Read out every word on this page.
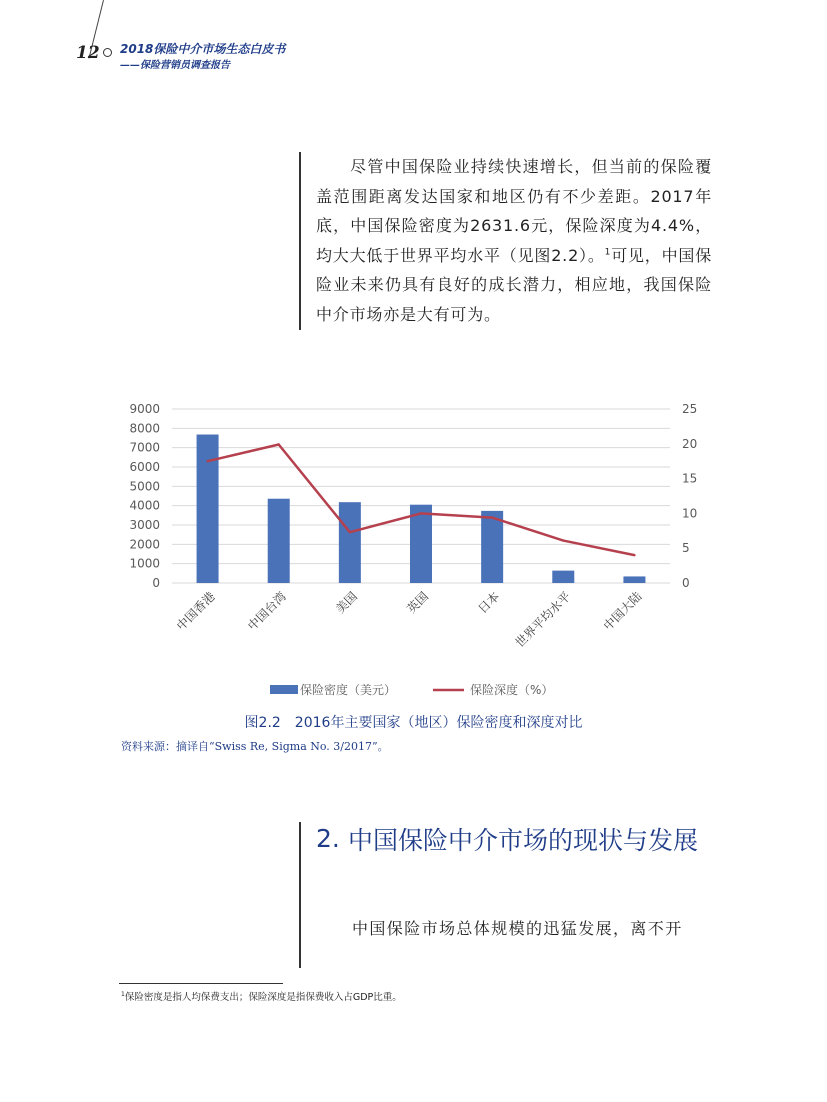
12 2018保险中介市场生态白皮书
——保险营销员调查报告
  尽管中国保险业持续快速增长，但当前的保险覆盖范围距离发达国家和地区仍有不少差距。2017年底，中国保险密度为2631.6元，保险深度为4.4%，均大大低于世界平均水平（见图2.2）。$^1$可见，中国保险业未来仍具有良好的成长潜力，相应地，我国保险中介市场亦是大有可为。
0
1000
2000
3000
4000
5000
6000
7000
8000
9000
0
5
10
15
20
25
中国香港 中国台湾	美国	英国	日本 世界平均水平 中国大陆
保险密度（美元）	保险深度（%）
图2.2　2016年主要国家（地区）保险密度和深度对比
资料来源：摘译自“Swiss Re, Sigma No. 3/2017”。
2. 中国保险中介市场的现状与发展
中国保险市场总体规模的迅猛发展，离不开
$^1$保险密度是指人均保费支出；保险深度是指保费收入占GDP比重。
